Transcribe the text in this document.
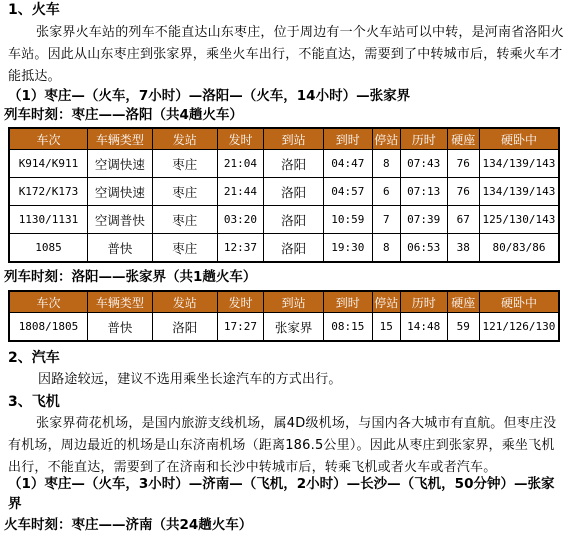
1、火车
张家界火车站的列车不能直达山东枣庄，位于周边有一个火车站可以中转，是河南省洛阳火车站。因此从山东枣庄到张家界，乘坐火车出行，不能直达，需要到了中转城市后，转乘火车才能抵达。
（1）枣庄—（火车，7小时）—洛阳—（火车，14小时）—张家界
列车时刻：枣庄——洛阳（共4趟火车）
车次	车辆类型	发站	发时	到站	到时	停站	历时	硬座	硬卧中
K914/K911	空调快速	枣庄	21:04	洛阳	04:47	8	07:43	76	134/139/143
K172/K173	空调快速	枣庄	21:44	洛阳	04:57	6	07:13	76	134/139/143
1130/1131	空调普快	枣庄	03:20	洛阳	10:59	7	07:39	67	125/130/143
1085	普快	枣庄	12:37	洛阳	19:30	8	06:53	38	80/83/86
列车时刻：洛阳——张家界（共1趟火车）
车次	车辆类型	发站	发时	到站	到时	停站	历时	硬座	硬卧中
1808/1805	普快	洛阳	17:27	张家界	08:15	15	14:48	59	121/126/130
2、汽车
因路途较远，建议不选用乘坐长途汽车的方式出行。
3、飞机
张家界荷花机场，是国内旅游支线机场，属4D级机场，与国内各大城市有直航。但枣庄没有机场，周边最近的机场是山东济南机场（距离186.5公里）。因此从枣庄到张家界，乘坐飞机出行，不能直达，需要到了在济南和长沙中转城市后，转乘飞机或者火车或者汽车。
（1）枣庄—（火车，3小时）—济南—（飞机，2小时）—长沙—（飞机，50分钟）—张家界
火车时刻：枣庄——济南（共24趟火车）
